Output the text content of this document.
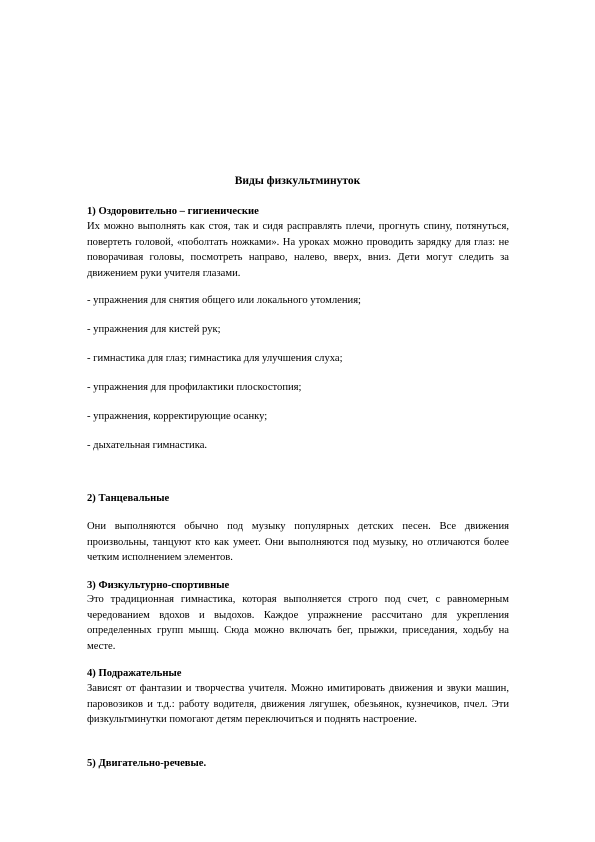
Виды физкультминуток
1) Оздоровительно – гигиенические
Их можно выполнять как стоя, так и сидя расправлять плечи, прогнуть спину, потянуться, повертеть головой, «поболтать ножками». На уроках можно проводить зарядку для глаз: не поворачивая головы, посмотреть направо, налево, вверх, вниз. Дети могут следить за движением руки учителя глазами.
- упражнения для снятия общего или локального утомления;
- упражнения для кистей рук;
- гимнастика для глаз; гимнастика для улучшения слуха;
- упражнения для профилактики плоскостопия;
- упражнения, корректирующие осанку;
- дыхательная гимнастика.
2) Танцевальные
Они выполняются обычно под музыку популярных детских песен. Все движения произвольны, танцуют кто как умеет. Они выполняются под музыку, но отличаются более четким исполнением элементов.
3) Физкультурно-спортивные
Это традиционная гимнастика, которая выполняется строго под счет, с равномерным чередованием вдохов и выдохов. Каждое упражнение рассчитано для укрепления определенных групп мышц. Сюда можно включать бег, прыжки, приседания, ходьбу на месте.
4) Подражательные
Зависят от фантазии и творчества учителя. Можно имитировать движения и звуки машин, паровозиков и т.д.: работу водителя, движения лягушек, обезьянок, кузнечиков, пчел. Эти физкультминутки помогают детям переключиться и поднять настроение.
5) Двигательно-речевые.
